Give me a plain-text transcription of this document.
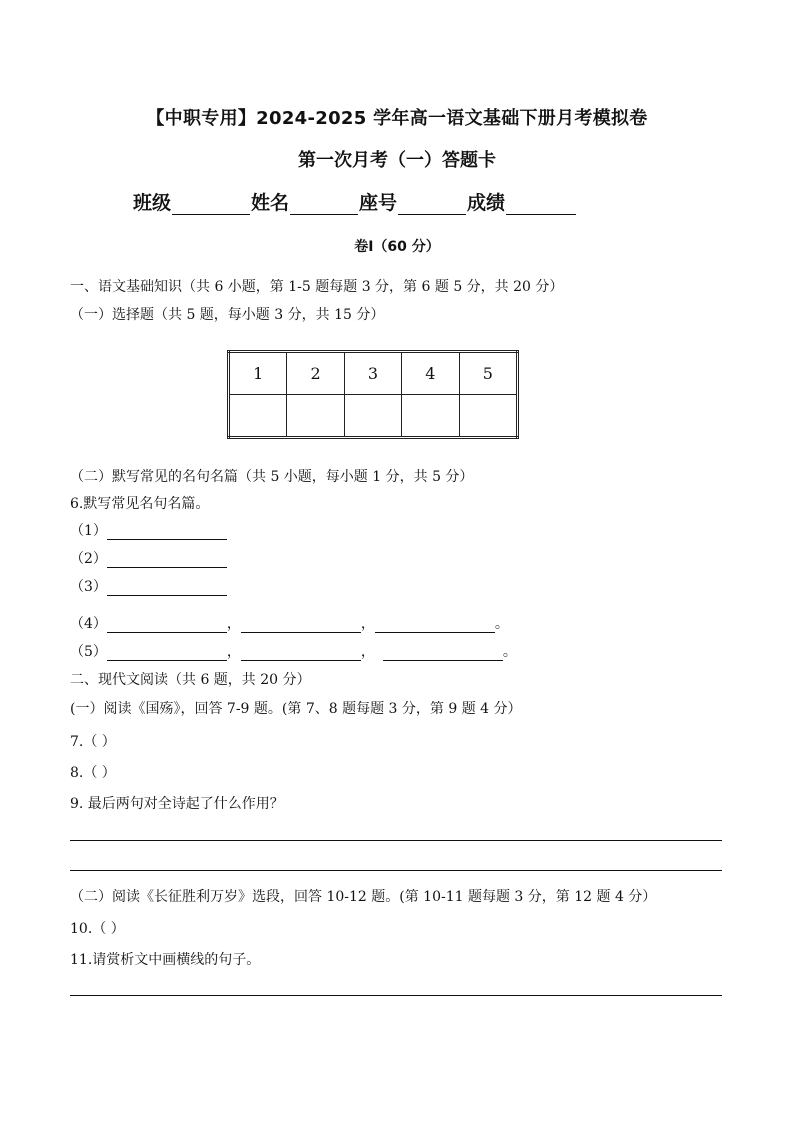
【中职专用】2024-2025 学年高一语文基础下册月考模拟卷
第一次月考（一）答题卡
班级	姓名	座号	成绩
卷Ⅰ（60 分）
一、语文基础知识（共 6 小题，第 1-5 题每题 3 分，第 6 题 5 分，共 20 分）
（一）选择题（共 5 题，每小题 3 分，共 15 分）
1	2	3	4	5

（二）默写常见的名句名篇（共 5 小题，每小题 1 分，共 5 分）
6.默写常见名句名篇。
（1）
（2）
（3）
（4）	，	，	。
（5）	，	，	。
二、现代文阅读（共 6 题，共 20 分）
(一）阅读《国殇》，回答 7-9 题。(第 7、8 题每题 3 分，第 9 题 4 分）
7.（ ）
8.（ ）
9. 最后两句对全诗起了什么作用？
（二）阅读《长征胜利万岁》选段，回答 10-12 题。(第 10-11 题每题 3 分，第 12 题 4 分）
10.（ ）
11.请赏析文中画横线的句子。
